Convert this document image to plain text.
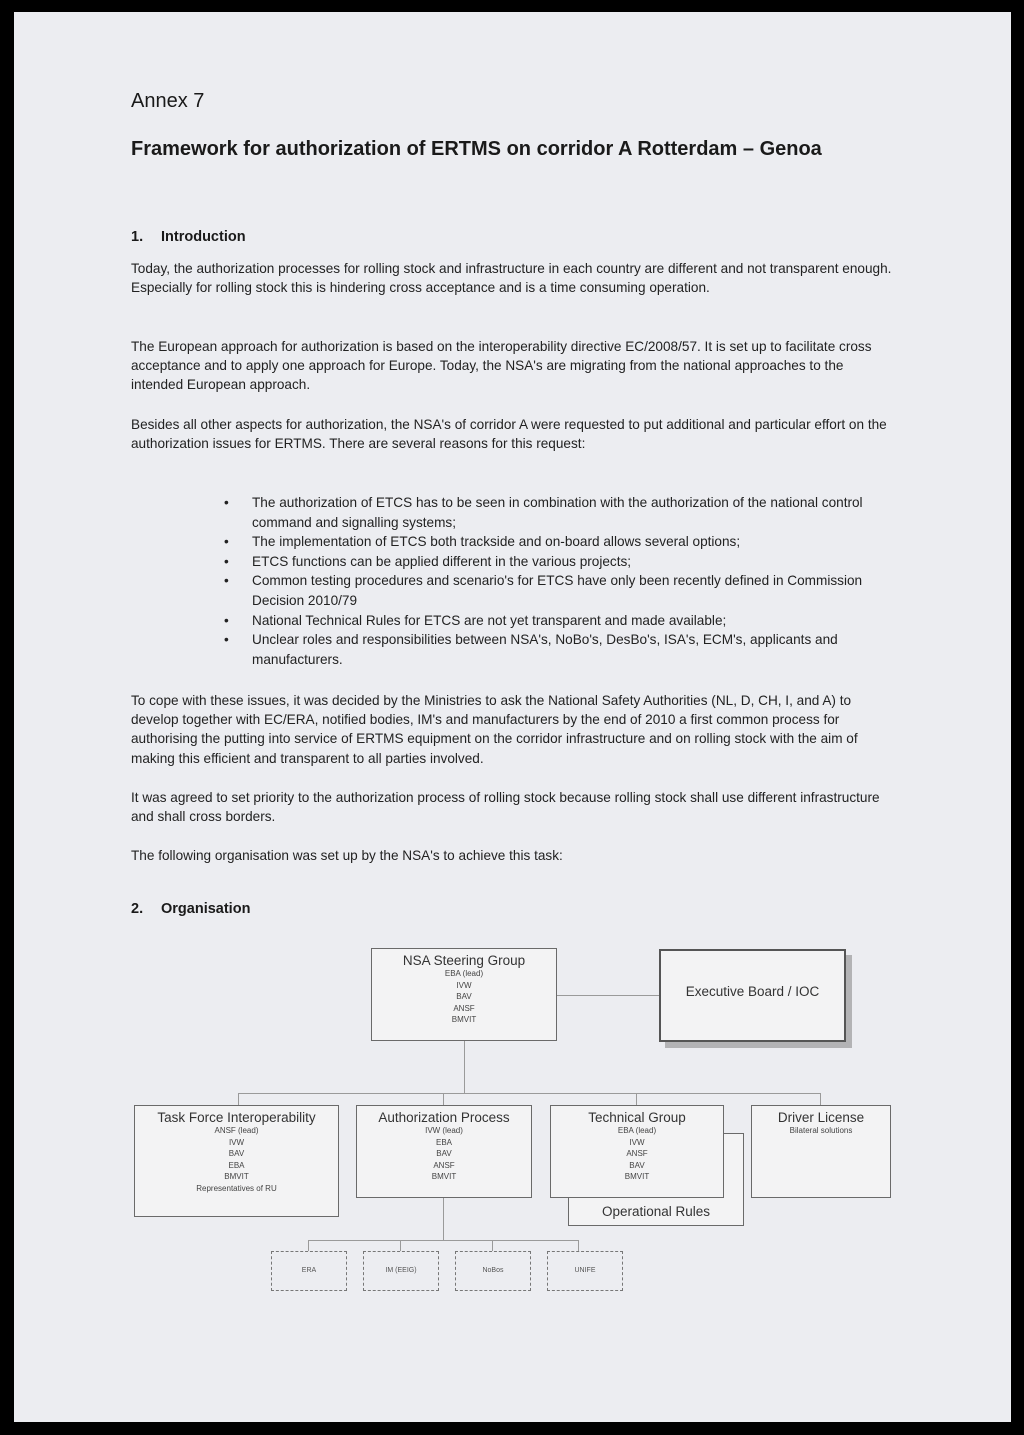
Annex 7
Framework for authorization of ERTMS on corridor A Rotterdam – Genoa
1. Introduction
Today, the authorization processes for rolling stock and infrastructure in each country are different and not transparent enough. Especially for rolling stock this is hindering cross acceptance and is a time consuming operation.
The European approach for authorization is based on the interoperability directive EC/2008/57. It is set up to facilitate cross acceptance and to apply one approach for Europe. Today, the NSA's are migrating from the national approaches to the intended European approach.
Besides all other aspects for authorization, the NSA's of corridor A were requested to put additional and particular effort on the authorization issues for ERTMS. There are several reasons for this request:
• The authorization of ETCS has to be seen in combination with the authorization of the national control command and signalling systems;
• The implementation of ETCS both trackside and on-board allows several options;
• ETCS functions can be applied different in the various projects;
• Common testing procedures and scenario's for ETCS have only been recently defined in Commission Decision 2010/79
• National Technical Rules for ETCS are not yet transparent and made available;
• Unclear roles and responsibilities between NSA's, NoBo's, DesBo's, ISA's, ECM's, applicants and manufacturers.
To cope with these issues, it was decided by the Ministries to ask the National Safety Authorities (NL, D, CH, I, and A) to develop together with EC/ERA, notified bodies, IM's and manufacturers by the end of 2010 a first common process for authorising the putting into service of ERTMS equipment on the corridor infrastructure and on rolling stock with the aim of making this efficient and transparent to all parties involved.
It was agreed to set priority to the authorization process of rolling stock because rolling stock shall use different infrastructure and shall cross borders.
The following organisation was set up by the NSA's to achieve this task:
2. Organisation
NSA Steering Group
EBA (lead)
IVW
BAV
ANSF
BMVIT
Executive Board / IOC
Task Force Interoperability
ANSF (lead)
IVW
BAV
EBA
BMVIT
Representatives of RU
Authorization Process
IVW (lead)
EBA
BAV
ANSF
BMVIT
Operational Rules
Technical Group
EBA (lead)
IVW
ANSF
BAV
BMVIT
Driver License
Bilateral solutions
ERA	IM (EEIG)	NoBos	UNIFE
